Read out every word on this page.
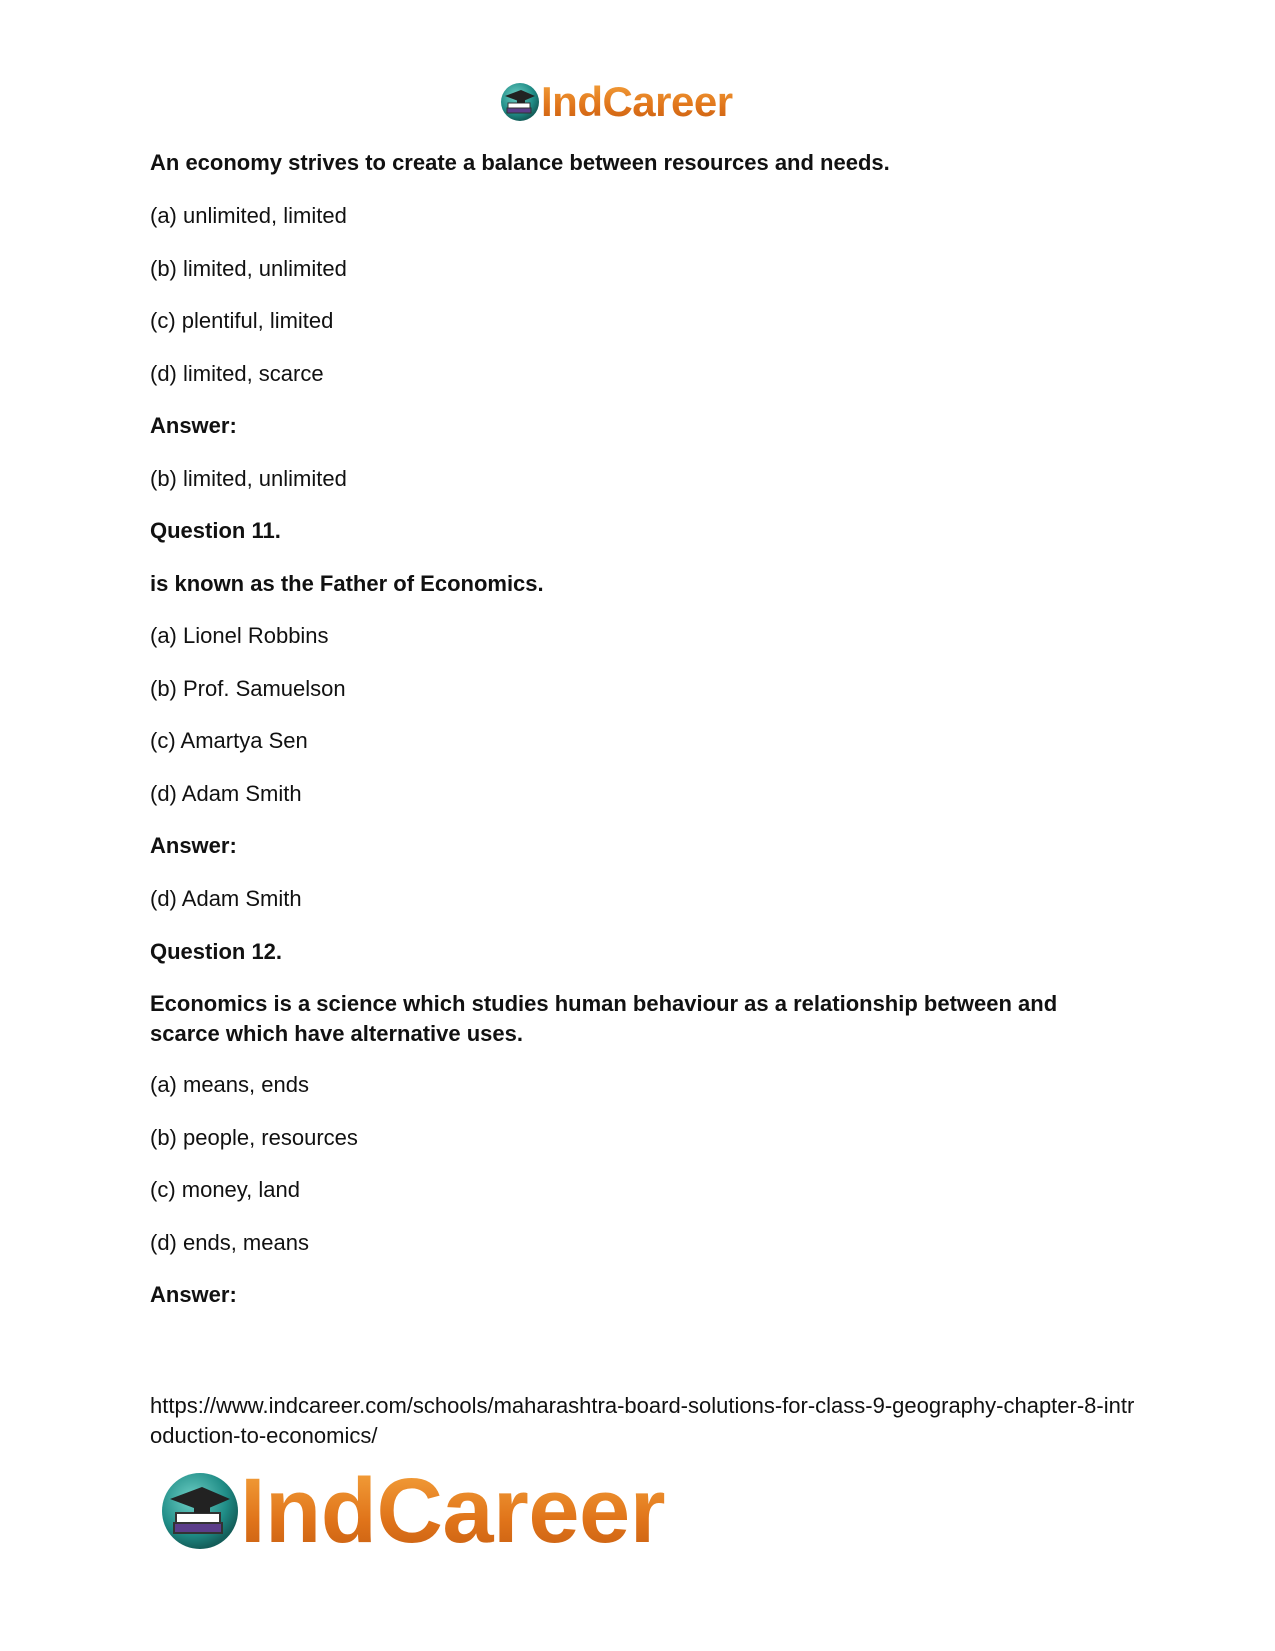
IndCareer

An economy strives to create a balance between resources and needs.

(a) unlimited, limited

(b) limited, unlimited

(c) plentiful, limited

(d) limited, scarce

Answer:

(b) limited, unlimited

Question 11.

is known as the Father of Economics.

(a) Lionel Robbins

(b) Prof. Samuelson

(c) Amartya Sen

(d) Adam Smith

Answer:

(d) Adam Smith

Question 12.

Economics is a science which studies human behaviour as a relationship between and scarce which have alternative uses.

(a) means, ends

(b) people, resources

(c) money, land

(d) ends, means

Answer:

https://www.indcareer.com/schools/maharashtra-board-solutions-for-class-9-geography-chapter-8-introduction-to-economics/
IndCareer
